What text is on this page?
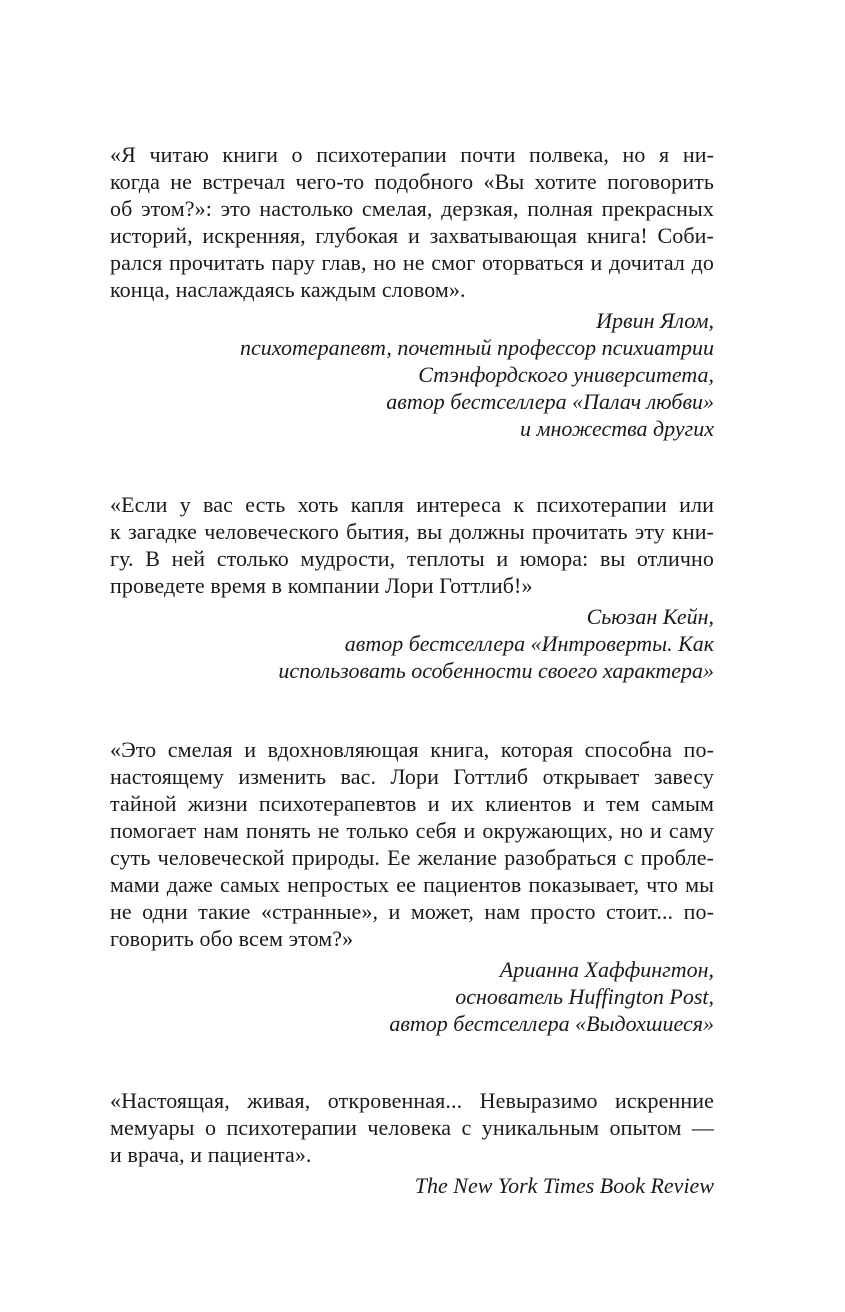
«Я читаю книги о психотерапии почти полвека, но я ни-
когда не встречал чего-то подобного «Вы хотите поговорить
об этом?»: это настолько смелая, дерзкая, полная прекрасных
историй, искренняя, глубокая и захватывающая книга! Соби-
рался прочитать пару глав, но не смог оторваться и дочитал до
конца, наслаждаясь каждым словом».
Ирвин Ялом,
психотерапевт, почетный профессор психиатрии
Стэнфордского университета,
автор бестселлера «Палач любви»
и множества других
«Если у вас есть хоть капля интереса к психотерапии или
к загадке человеческого бытия, вы должны прочитать эту кни-
гу. В ней столько мудрости, теплоты и юмора: вы отлично
проведете время в компании Лори Готтлиб!»
Сьюзан Кейн,
автор бестселлера «Интроверты. Как
использовать особенности своего характера»
«Это смелая и вдохновляющая книга, которая способна по-
настоящему изменить вас. Лори Готтлиб открывает завесу
тайной жизни психотерапевтов и их клиентов и тем самым
помогает нам понять не только себя и окружающих, но и саму
суть человеческой природы. Ее желание разобраться с пробле-
мами даже самых непростых ее пациентов показывает, что мы
не одни такие «странные», и может, нам просто стоит... по-
говорить обо всем этом?»
Арианна Хаффингтон,
основатель Huffington Post,
автор бестселлера «Выдохшиеся»
«Настоящая, живая, откровенная... Невыразимо искренние
мемуары о психотерапии человека с уникальным опытом —
и врача, и пациента».
The New York Times Book Review
